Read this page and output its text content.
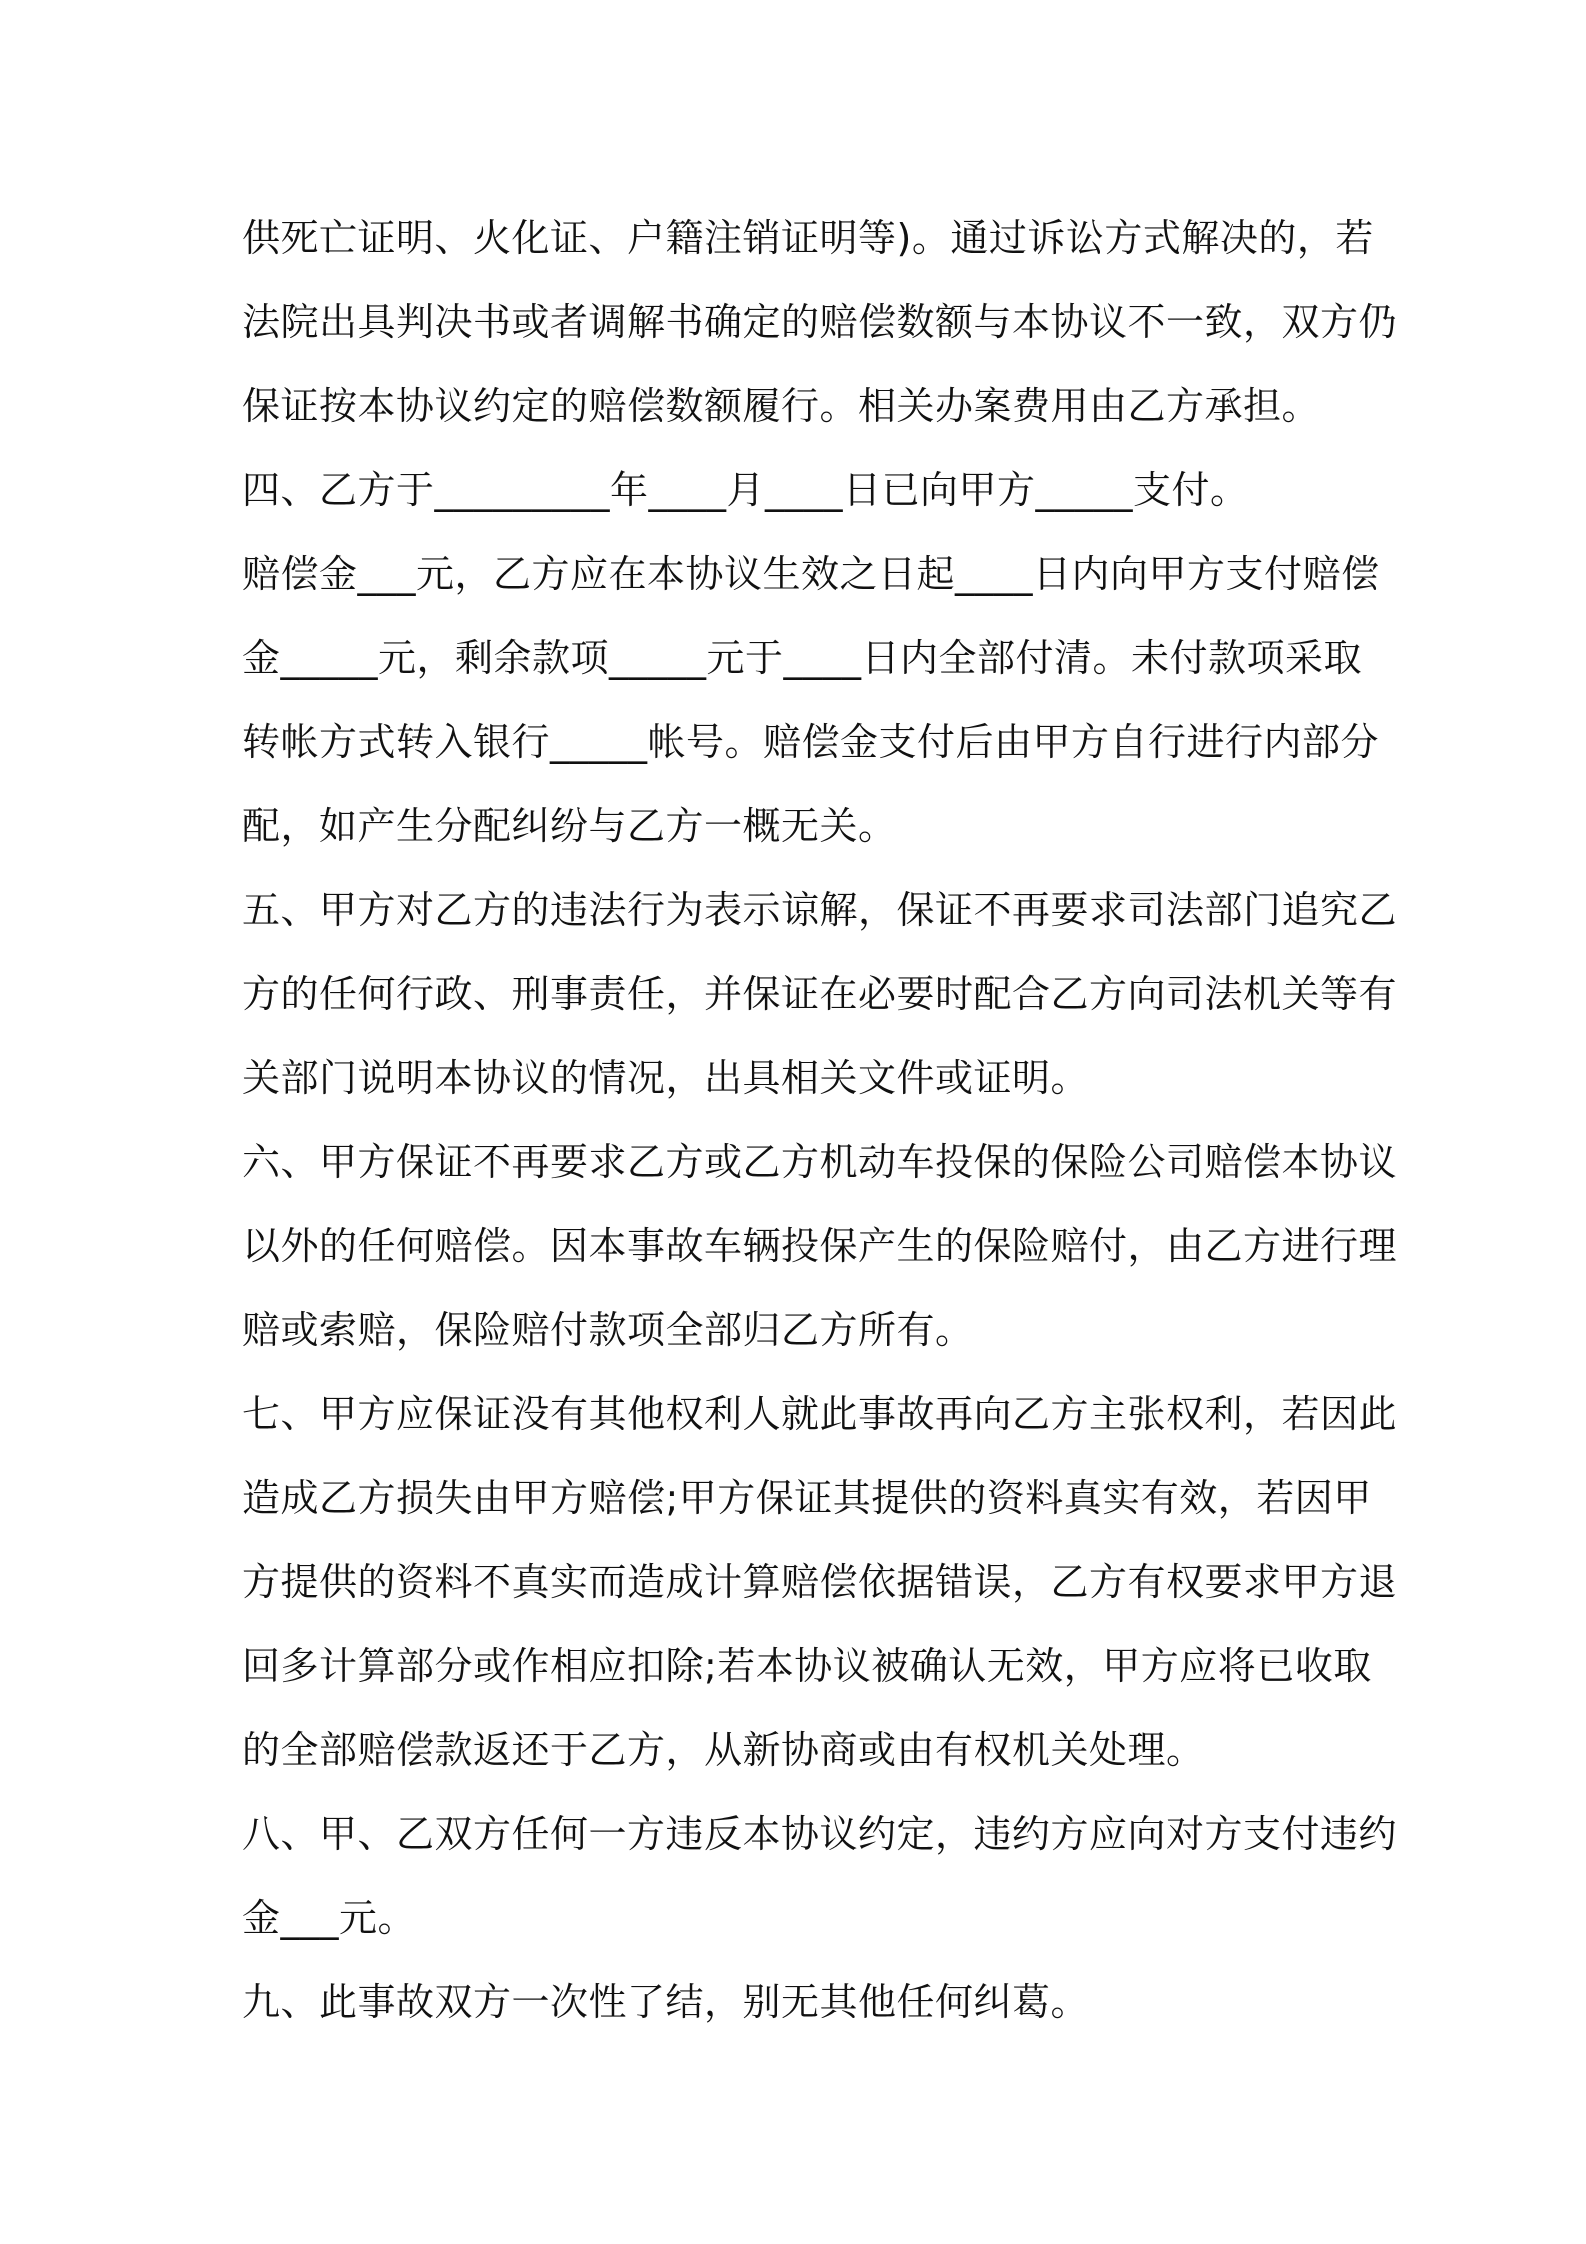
供死亡证明、火化证、户籍注销证明等)。通过诉讼方式解决的，若
法院出具判决书或者调解书确定的赔偿数额与本协议不一致，双方仍
保证按本协议约定的赔偿数额履行。相关办案费用由乙方承担。
四、乙方于_________年____月____日已向甲方_____支付。
赔偿金___元，乙方应在本协议生效之日起____日内向甲方支付赔偿
金_____元，剩余款项_____元于____日内全部付清。未付款项采取
转帐方式转入银行_____帐号。赔偿金支付后由甲方自行进行内部分
配，如产生分配纠纷与乙方一概无关。
五、甲方对乙方的违法行为表示谅解，保证不再要求司法部门追究乙
方的任何行政、刑事责任，并保证在必要时配合乙方向司法机关等有
关部门说明本协议的情况，出具相关文件或证明。
六、甲方保证不再要求乙方或乙方机动车投保的保险公司赔偿本协议
以外的任何赔偿。因本事故车辆投保产生的保险赔付，由乙方进行理
赔或索赔，保险赔付款项全部归乙方所有。
七、甲方应保证没有其他权利人就此事故再向乙方主张权利，若因此
造成乙方损失由甲方赔偿;甲方保证其提供的资料真实有效，若因甲
方提供的资料不真实而造成计算赔偿依据错误，乙方有权要求甲方退
回多计算部分或作相应扣除;若本协议被确认无效，甲方应将已收取
的全部赔偿款返还于乙方，从新协商或由有权机关处理。
八、甲、乙双方任何一方违反本协议约定，违约方应向对方支付违约
金___元。
九、此事故双方一次性了结，别无其他任何纠葛。
